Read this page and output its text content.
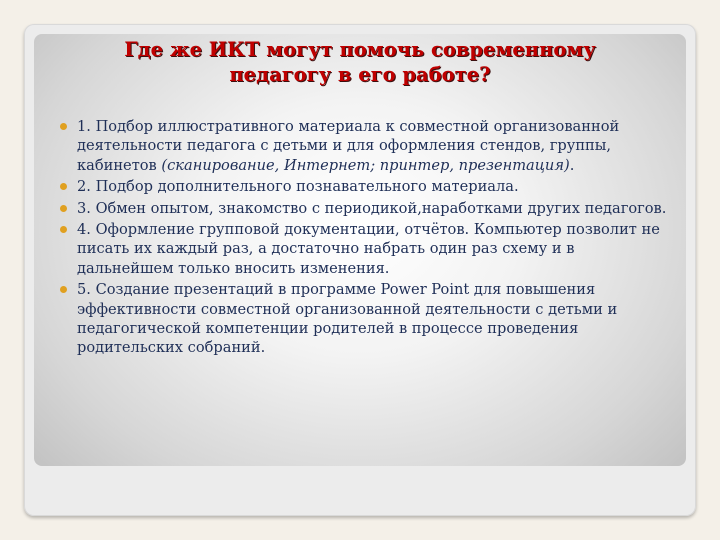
Где же ИКТ могут помочь современному
педагогу в его работе?
1. Подбор иллюстративного материала к совместной организованной деятельности педагога с детьми и для оформления стендов, группы, кабинетов (сканирование, Интернет; принтер, презентация).
2. Подбор дополнительного познавательного материала.
3. Обмен опытом, знакомство с периодикой,наработками других педагогов.
4. Оформление групповой документации, отчётов. Компьютер позволит не писать их каждый раз, а достаточно набрать один раз схему и в дальнейшем только вносить изменения.
5. Создание презентаций в программе Power Point для повышения эффективности совместной организованной деятельности с детьми и педагогической компетенции родителей в процессе проведения родительских собраний.
